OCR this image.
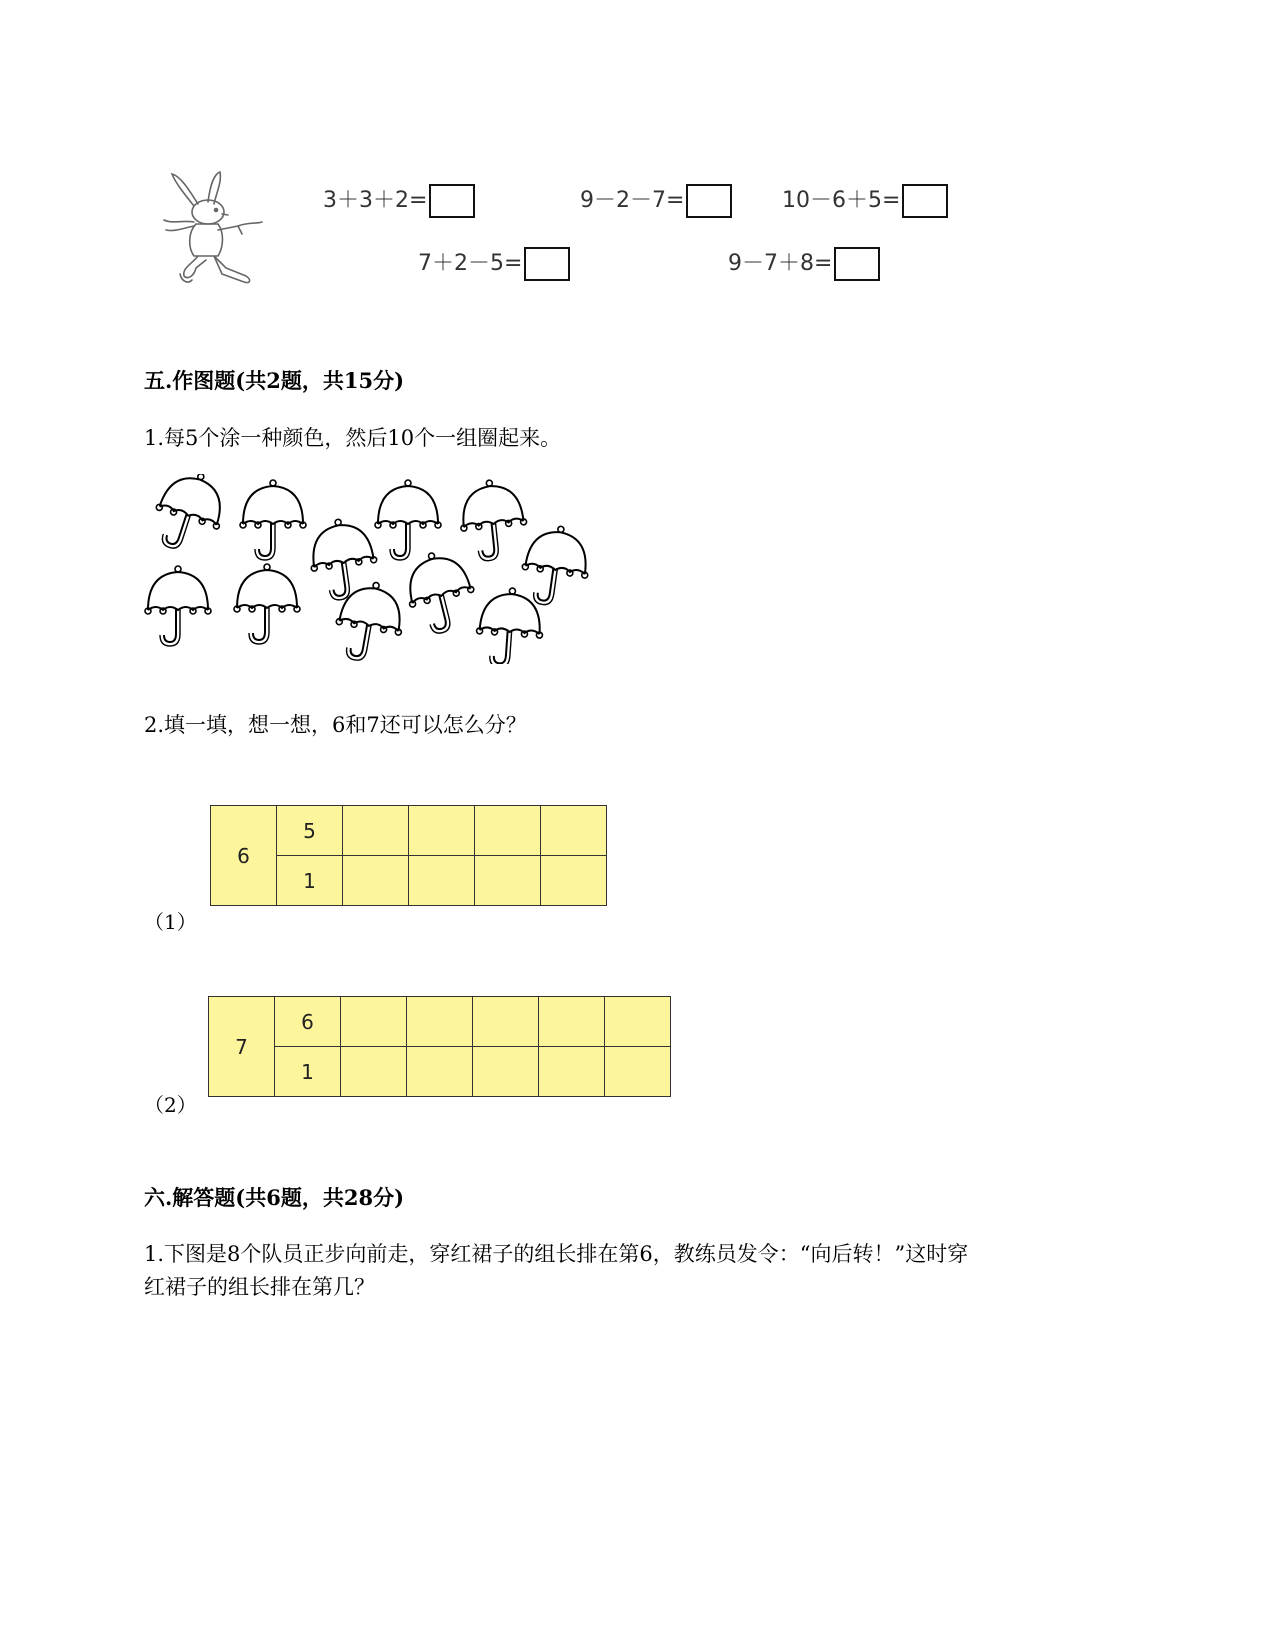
3＋3＋2=	9－2－7=	10－6＋5=
7＋2－5=	9－7＋8=
五.作图题(共2题，共15分)
1.每5个涂一种颜色，然后10个一组圈起来。
2.填一填，想一想，6和7还可以怎么分？
6	5				
	1				
（1）
7	6					
	1					
（2）
六.解答题(共6题，共28分)
1.下图是8个队员正步向前走，穿红裙子的组长排在第6，教练员发令：“向后转！”这时穿
红裙子的组长排在第几？
